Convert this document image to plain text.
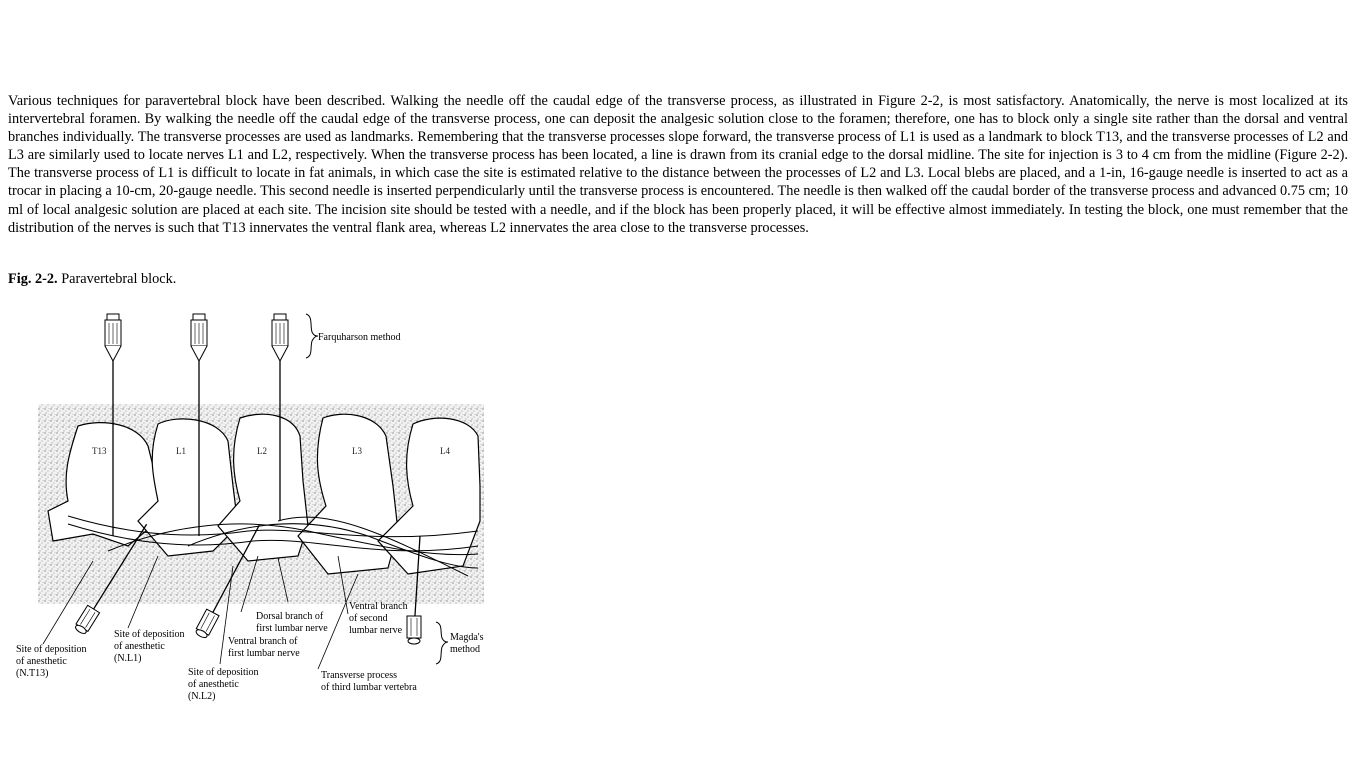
Various techniques for paravertebral block have been described. Walking the needle off the caudal edge of the transverse process, as illustrated in Figure 2-2, is most satisfactory. Anatomically, the nerve is most localized at its intervertebral foramen. By walking the needle off the caudal edge of the transverse process, one can deposit the analgesic solution close to the foramen; therefore, one has to block only a single site rather than the dorsal and ventral branches individually. The transverse processes are used as landmarks. Remembering that the transverse processes slope forward, the transverse process of L1 is used as a landmark to block T13, and the transverse processes of L2 and L3 are similarly used to locate nerves L1 and L2, respectively. When the transverse process has been located, a line is drawn from its cranial edge to the dorsal midline. The site for injection is 3 to 4 cm from the midline (Figure 2-2). The transverse process of L1 is difficult to locate in fat animals, in which case the site is estimated relative to the distance between the processes of L2 and L3. Local blebs are placed, and a 1-in, 16-gauge needle is inserted to act as a trocar in placing a 10-cm, 20-gauge needle. This second needle is inserted perpendicularly until the transverse process is encountered. The needle is then walked off the caudal border of the transverse process and advanced 0.75 cm; 10 ml of local analgesic solution are placed at each site. The incision site should be tested with a needle, and if the block has been properly placed, it will be effective almost immediately. In testing the block, one must remember that the distribution of the nerves is such that T13 innervates the ventral flank area, whereas L2 innervates the area close to the transverse processes.

Fig. 2-2. Paravertebral block.

T13	L1	L2	L3	L4
Farquharson method
Magda's
method
Site of deposition
of anesthetic
(N.T13)
Site of deposition
of anesthetic
(N.L1)
Site of deposition
of anesthetic
(N.L2)
Dorsal branch of
first lumbar nerve
Ventral branch of
first lumbar nerve
Ventral branch
of second
lumbar nerve
Transverse process
of third lumbar vertebra
